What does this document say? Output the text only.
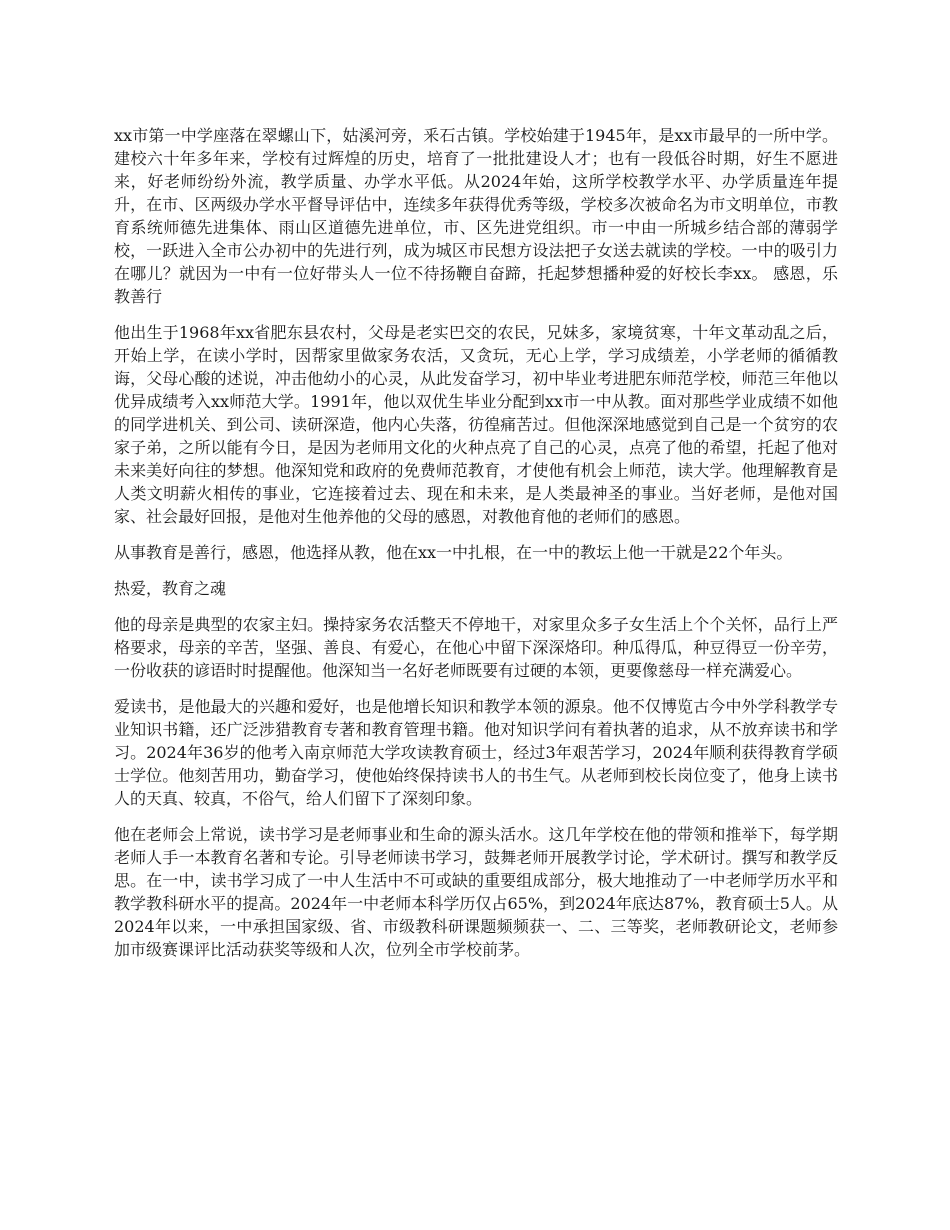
xx市第一中学座落在翠螺山下，姑溪河旁，釆石古镇。学校始建于1945年，是xx市最早的一所中学。建校六十年多年来，学校有过辉煌的历史，培育了一批批建设人才；也有一段低谷时期，好生不愿进来，好老师纷纷外流，教学质量、办学水平低。从2024年始，这所学校教学水平、办学质量连年提升，在市、区两级办学水平督导评估中，连续多年获得优秀等级，学校多次被命名为市文明单位，市教育系统师德先进集体、雨山区道德先进单位，市、区先进党组织。市一中由一所城乡结合部的薄弱学校，一跃进入全市公办初中的先进行列，成为城区市民想方设法把子女送去就读的学校。一中的吸引力在哪儿？就因为一中有一位好带头人一位不待扬鞭自奋蹄，托起梦想播种爱的好校长李xx。 感恩，乐教善行

他出生于1968年xx省肥东县农村，父母是老实巴交的农民，兄妹多，家境贫寒，十年文革动乱之后，开始上学，在读小学时，因帮家里做家务农活，又贪玩，无心上学，学习成绩差，小学老师的循循教诲，父母心酸的述说，冲击他幼小的心灵，从此发奋学习，初中毕业考进肥东师范学校，师范三年他以优异成绩考入xx师范大学。1991年，他以双优生毕业分配到xx市一中从教。面对那些学业成绩不如他的同学进机关、到公司、读研深造，他内心失落，彷徨痛苦过。但他深深地感觉到自己是一个贫穷的农家子弟，之所以能有今日，是因为老师用文化的火种点亮了自己的心灵，点亮了他的希望，托起了他对未来美好向往的梦想。他深知党和政府的免费师范教育，才使他有机会上师范，读大学。他理解教育是人类文明薪火相传的事业，它连接着过去、现在和未来，是人类最神圣的事业。当好老师，是他对国家、社会最好回报，是他对生他养他的父母的感恩，对教他育他的老师们的感恩。

从事教育是善行，感恩，他选择从教，他在xx一中扎根，在一中的教坛上他一干就是22个年头。

热爱，教育之魂

他的母亲是典型的农家主妇。操持家务农活整天不停地干，对家里众多子女生活上个个关怀，品行上严格要求，母亲的辛苦，坚强、善良、有爱心，在他心中留下深深烙印。种瓜得瓜，种豆得豆一份辛劳，一份收获的谚语时时提醒他。他深知当一名好老师既要有过硬的本领，更要像慈母一样充满爱心。

爱读书，是他最大的兴趣和爱好，也是他增长知识和教学本领的源泉。他不仅博览古今中外学科教学专业知识书籍，还广泛涉猎教育专著和教育管理书籍。他对知识学问有着执著的追求，从不放弃读书和学习。2024年36岁的他考入南京师范大学攻读教育硕士，经过3年艰苦学习，2024年顺利获得教育学硕士学位。他刻苦用功，勤奋学习，使他始终保持读书人的书生气。从老师到校长岗位变了，他身上读书人的天真、较真，不俗气，给人们留下了深刻印象。

他在老师会上常说，读书学习是老师事业和生命的源头活水。这几年学校在他的带领和推举下，每学期老师人手一本教育名著和专论。引导老师读书学习，鼓舞老师开展教学讨论，学术研讨。撰写和教学反思。在一中，读书学习成了一中人生活中不可或缺的重要组成部分，极大地推动了一中老师学历水平和教学教科研水平的提高。2024年一中老师本科学历仅占65%，到2024年底达87%，教育硕士5人。从2024年以来，一中承担国家级、省、市级教科研课题频频获一、二、三等奖，老师教研论文，老师参加市级赛课评比活动获奖等级和人次，位列全市学校前茅。
